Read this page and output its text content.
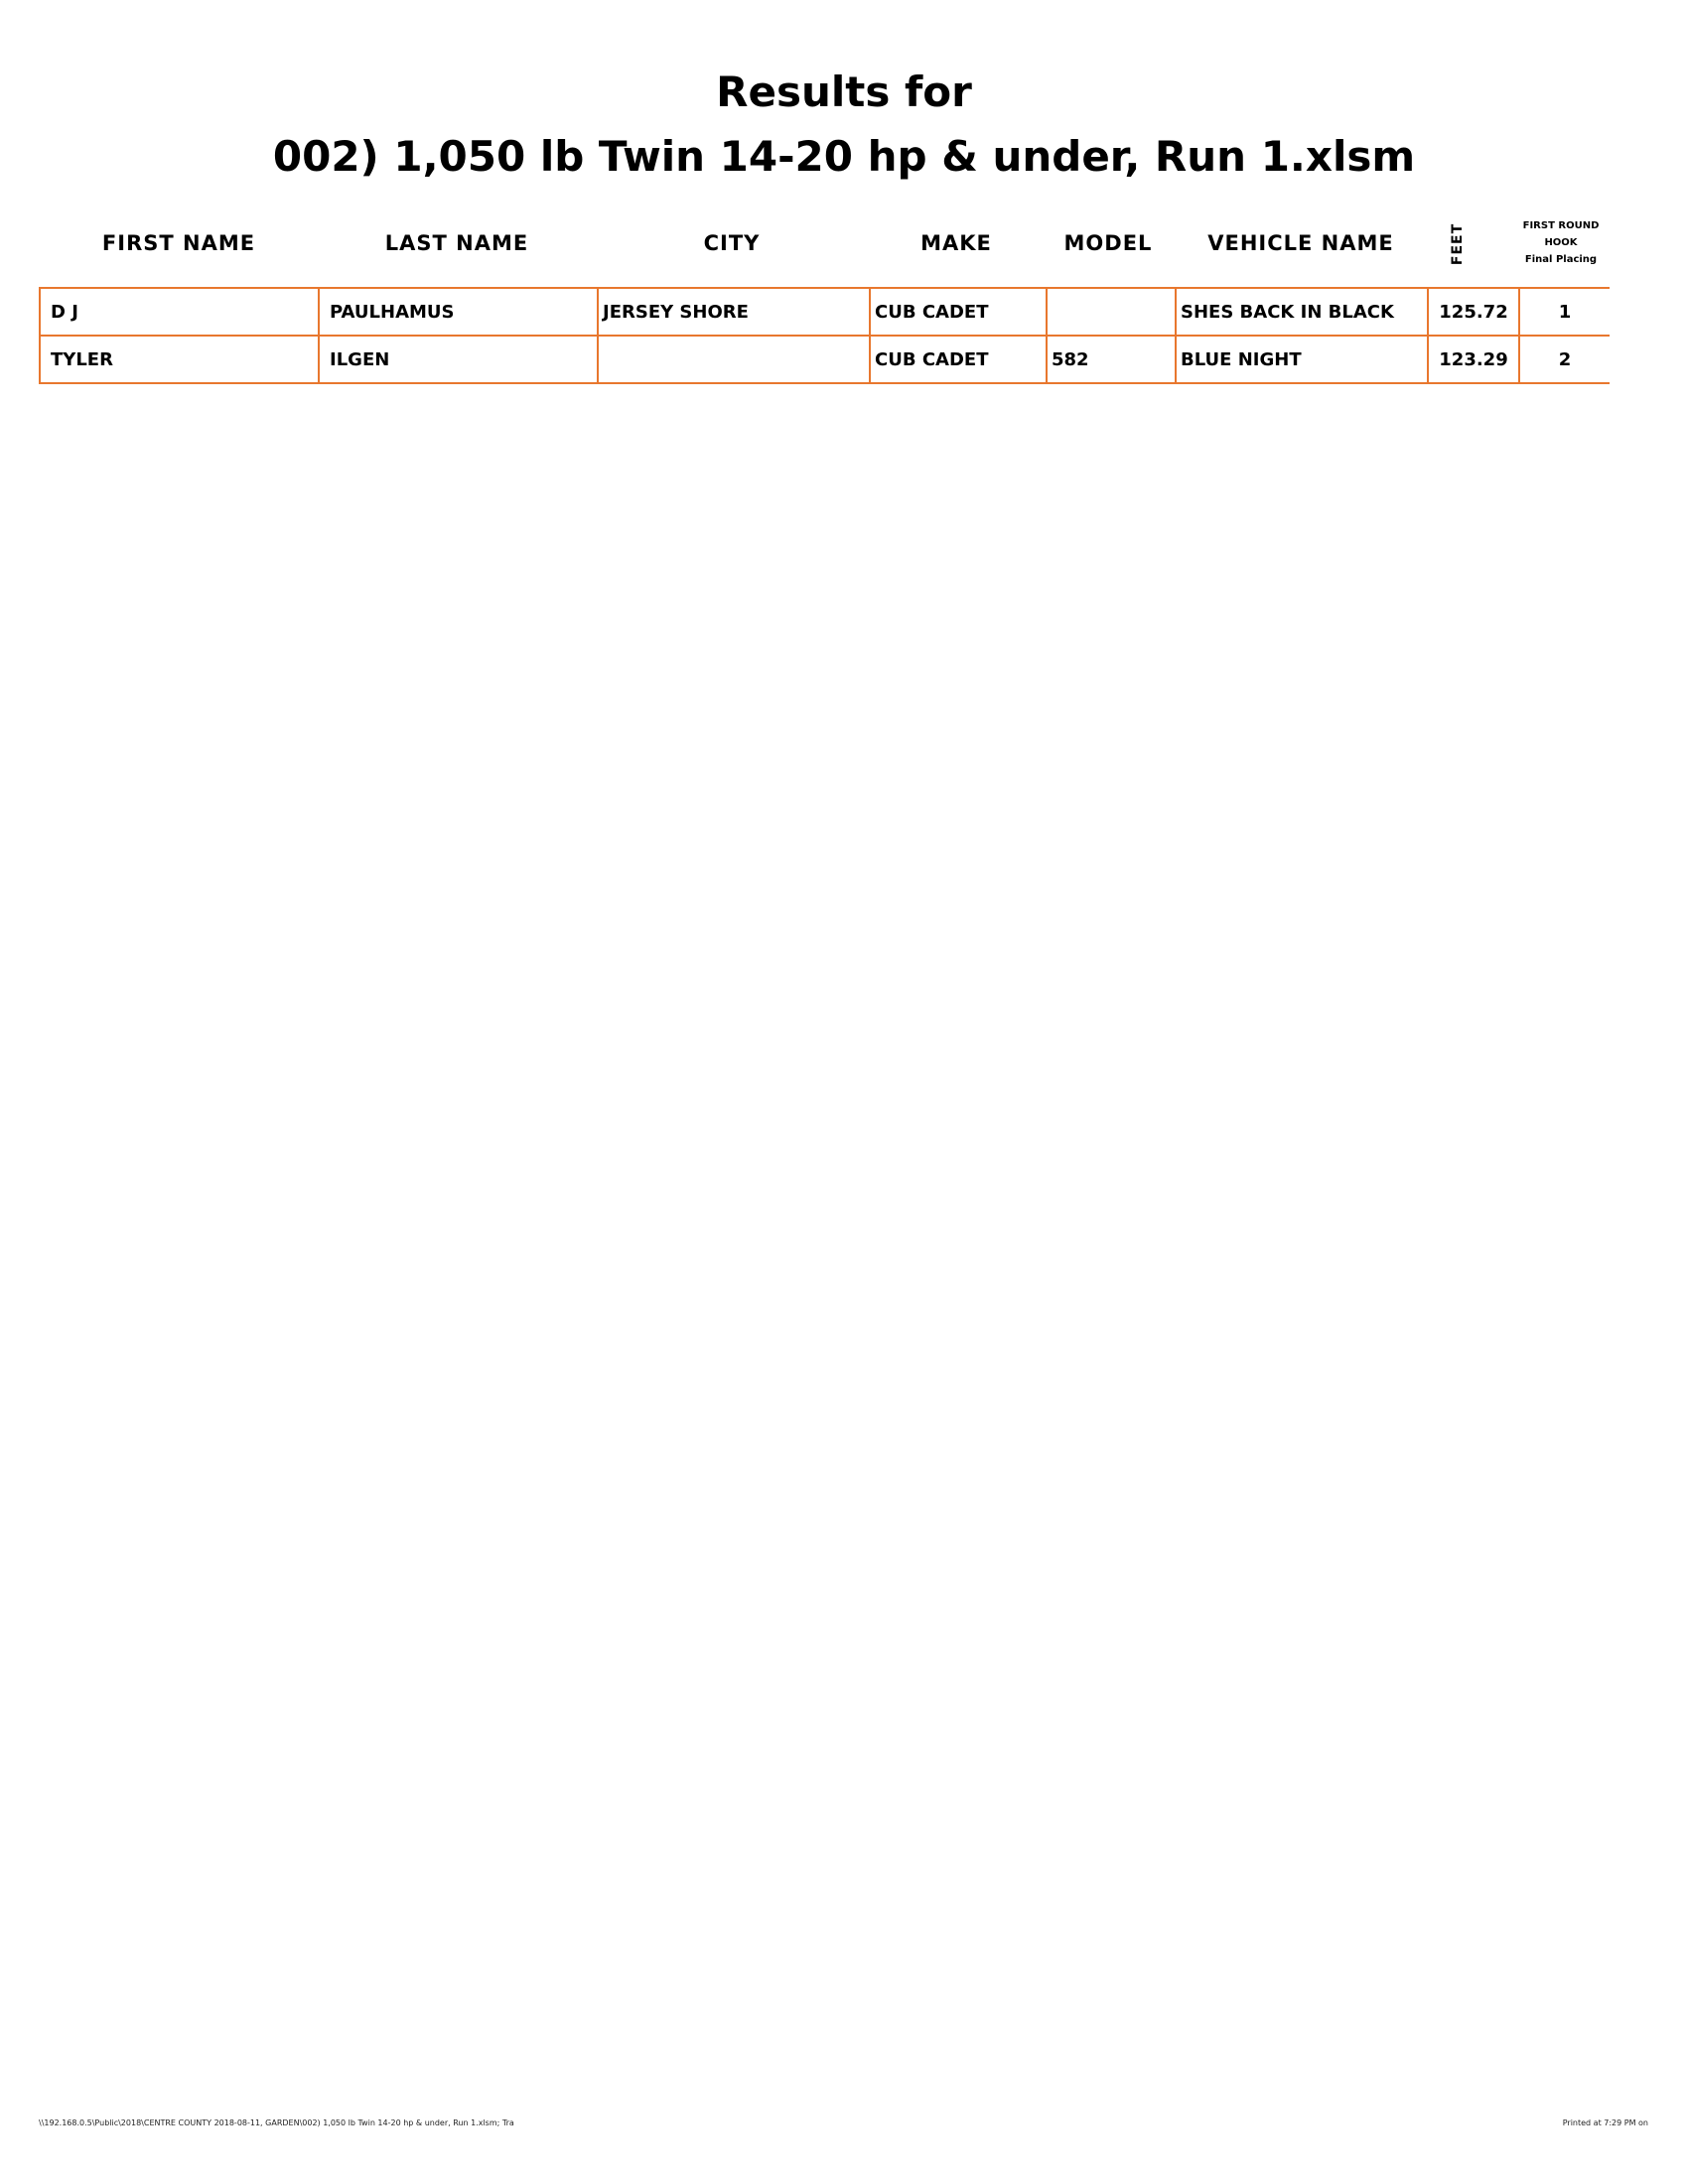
Results for
002) 1,050 lb Twin 14-20 hp & under, Run 1.xlsm
FIRST NAME	LAST NAME	CITY	MAKE	MODEL	VEHICLE NAME	FEET	FIRST ROUND
HOOK
Final Placing
D J	PAULHAMUS	JERSEY SHORE	CUB CADET		SHES BACK IN BLACK	125.72	1
TYLER	ILGEN		CUB CADET	582	BLUE NIGHT	123.29	2
\\192.168.0.5\Public\2018\CENTRE COUNTY 2018-08-11, GARDEN\002) 1,050 lb Twin 14-20 hp & under, Run 1.xlsm; Tra	Printed at 7:29 PM on
